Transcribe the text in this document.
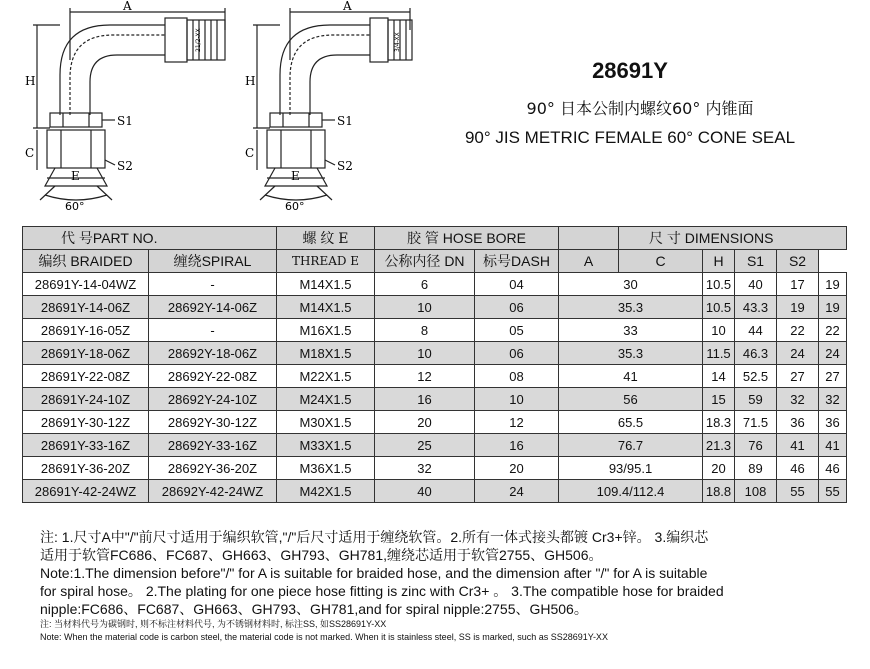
A
H
C
E
S1
S2
60°
21/2-XX
A
H
C
E
S1
S2
60°
3/4-XX
28691Y
90° 日本公制内螺纹60° 内锥面
90° JIS METRIC FEMALE 60° CONE SEAL
代 号PART NO.		螺 纹 E	胶 管 HOSE BORE			尺 寸 DIMENSIONS				
编织 BRAIDED	缠绕SPIRAL	THREAD E	公称内径 DN	标号DASH	A	C	H	S1	S2	
28691Y-14-04WZ	-	M14X1.5	6	04	30		10.5	40	17	19
28691Y-14-06Z	28692Y-14-06Z	M14X1.5	10	06	35.3		10.5	43.3	19	19
28691Y-16-05Z	-	M16X1.5	8	05	33		10	44	22	22
28691Y-18-06Z	28692Y-18-06Z	M18X1.5	10	06	35.3		11.5	46.3	24	24
28691Y-22-08Z	28692Y-22-08Z	M22X1.5	12	08	41		14	52.5	27	27
28691Y-24-10Z	28692Y-24-10Z	M24X1.5	16	10	56		15	59	32	32
28691Y-30-12Z	28692Y-30-12Z	M30X1.5	20	12	65.5		18.3	71.5	36	36
28691Y-33-16Z	28692Y-33-16Z	M33X1.5	25	16	76.7		21.3	76	41	41
28691Y-36-20Z	28692Y-36-20Z	M36X1.5	32	20	93/95.1		20	89	46	46
28691Y-42-24WZ	28692Y-42-24WZ	M42X1.5	40	24	109.4/112.4		18.8	108	55	55
注: 1.尺寸A中"/"前尺寸适用于编织软管,"/"后尺寸适用于缠绕软管。2.所有一体式接头都镀 Cr3+锌。 3.编织芯
适用于软管FC686、FC687、GH663、GH793、GH781,缠绕芯适用于软管2755、GH506。
Note:1.The dimension before"/" for A is suitable for braided hose, and the dimension after "/" for A is suitable
for spiral hose。 2.The plating for one piece hose fitting is zinc with Cr3+ 。 3.The compatible hose for braided
nipple:FC686、FC687、GH663、GH793、GH781,and for spiral nipple:2755、GH506。
注: 当材料代号为碳钢时, 则不标注材料代号, 为不锈钢材料时, 标注SS, 如SS28691Y-XX
Note: When the material code is carbon steel, the material code is not marked. When it is stainless steel, SS is marked, such as SS28691Y-XX
